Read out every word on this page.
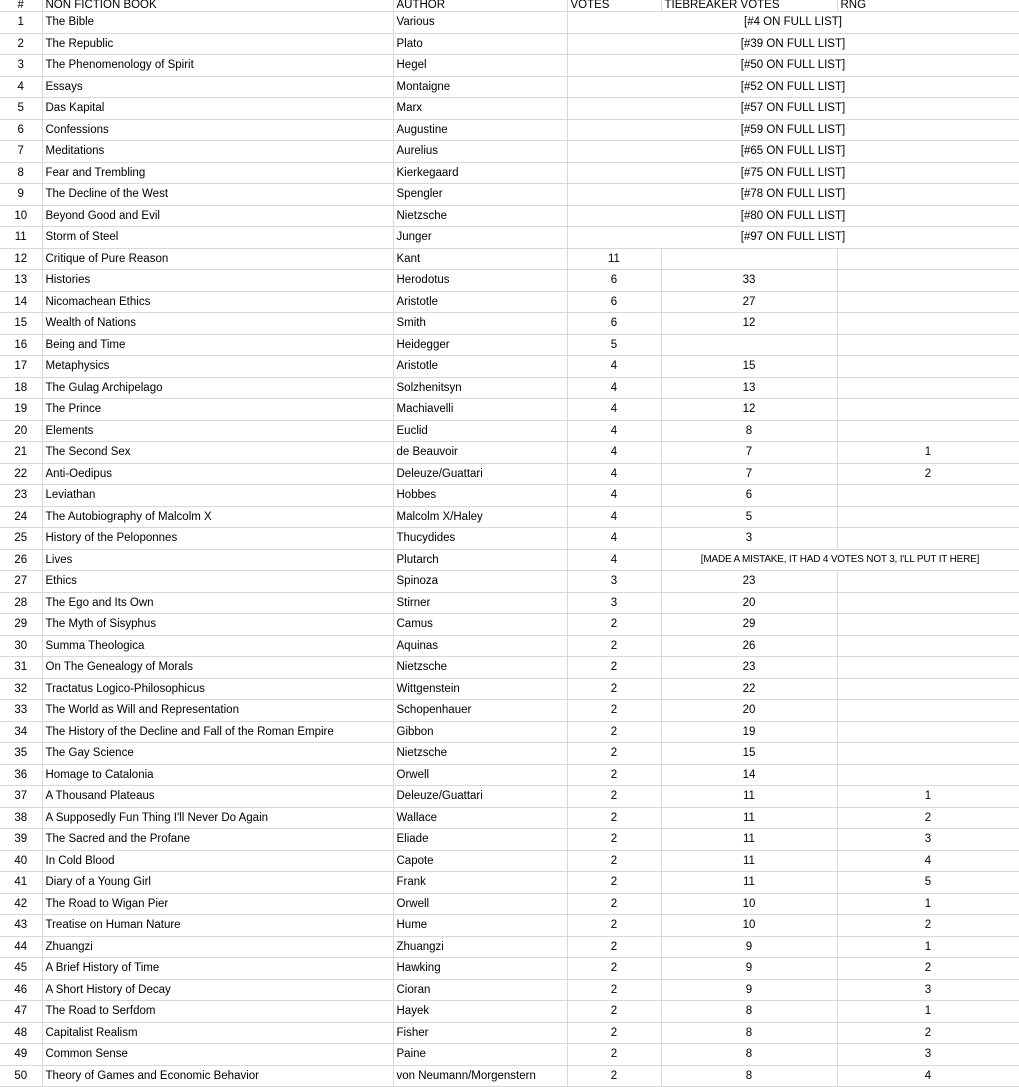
#	NON FICTION BOOK	AUTHOR	VOTES	TIEBREAKER VOTES	RNG
1	The Bible	Various	[#4 ON FULL LIST]		
2	The Republic	Plato	[#39 ON FULL LIST]		
3	The Phenomenology of Spirit	Hegel	[#50 ON FULL LIST]		
4	Essays	Montaigne	[#52 ON FULL LIST]		
5	Das Kapital	Marx	[#57 ON FULL LIST]		
6	Confessions	Augustine	[#59 ON FULL LIST]		
7	Meditations	Aurelius	[#65 ON FULL LIST]		
8	Fear and Trembling	Kierkegaard	[#75 ON FULL LIST]		
9	The Decline of the West	Spengler	[#78 ON FULL LIST]		
10	Beyond Good and Evil	Nietzsche	[#80 ON FULL LIST]		
11	Storm of Steel	Junger	[#97 ON FULL LIST]		
12	Critique of Pure Reason	Kant	11		
13	Histories	Herodotus	6	33	
14	Nicomachean Ethics	Aristotle	6	27	
15	Wealth of Nations	Smith	6	12	
16	Being and Time	Heidegger	5		
17	Metaphysics	Aristotle	4	15	
18	The Gulag Archipelago	Solzhenitsyn	4	13	
19	The Prince	Machiavelli	4	12	
20	Elements	Euclid	4	8	
21	The Second Sex	de Beauvoir	4	7	1
22	Anti-Oedipus	Deleuze/Guattari	4	7	2
23	Leviathan	Hobbes	4	6	
24	The Autobiography of Malcolm X	Malcolm X/Haley	4	5	
25	History of the Peloponnes	Thucydides	4	3	
26	Lives	Plutarch	4	[MADE A MISTAKE, IT HAD 4 VOTES NOT 3, I'LL PUT IT HERE]	
27	Ethics	Spinoza	3	23	
28	The Ego and Its Own	Stirner	3	20	
29	The Myth of Sisyphus	Camus	2	29	
30	Summa Theologica	Aquinas	2	26	
31	On The Genealogy of Morals	Nietzsche	2	23	
32	Tractatus Logico-Philosophicus	Wittgenstein	2	22	
33	The World as Will and Representation	Schopenhauer	2	20	
34	The History of the Decline and Fall of the Roman Empire	Gibbon	2	19	
35	The Gay Science	Nietzsche	2	15	
36	Homage to Catalonia	Orwell	2	14	
37	A Thousand Plateaus	Deleuze/Guattari	2	11	1
38	A Supposedly Fun Thing I'll Never Do Again	Wallace	2	11	2
39	The Sacred and the Profane	Eliade	2	11	3
40	In Cold Blood	Capote	2	11	4
41	Diary of a Young Girl	Frank	2	11	5
42	The Road to Wigan Pier	Orwell	2	10	1
43	Treatise on Human Nature	Hume	2	10	2
44	Zhuangzi	Zhuangzi	2	9	1
45	A Brief History of Time	Hawking	2	9	2
46	A Short History of Decay	Cioran	2	9	3
47	The Road to Serfdom	Hayek	2	8	1
48	Capitalist Realism	Fisher	2	8	2
49	Common Sense	Paine	2	8	3
50	Theory of Games and Economic Behavior	von Neumann/Morgenstern	2	8	4
